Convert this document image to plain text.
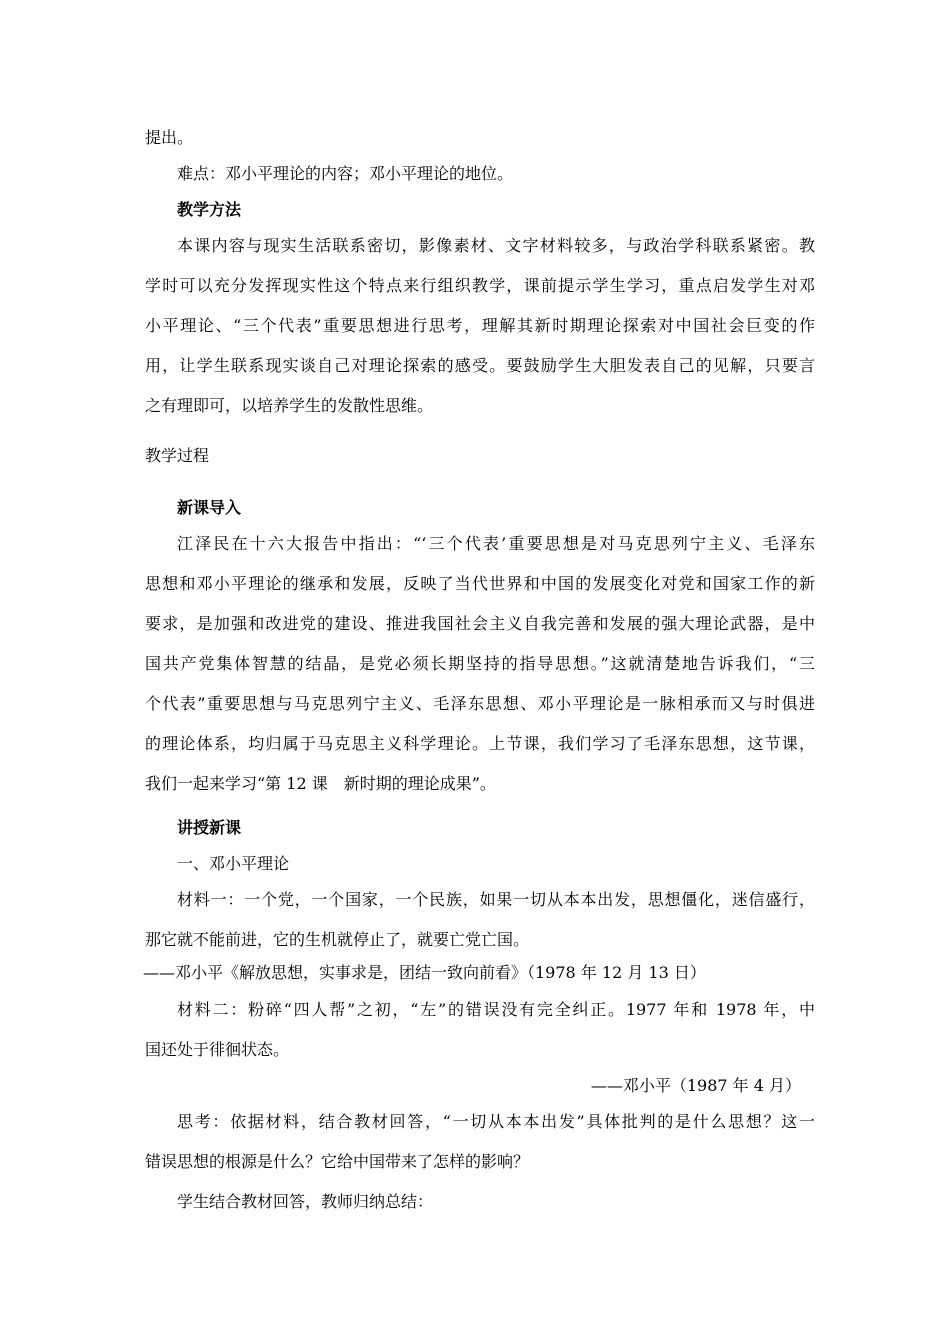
提出。
难点：邓小平理论的内容；邓小平理论的地位。
教学方法
本课内容与现实生活联系密切，影像素材、文字材料较多，与政治学科联系紧密。教
学时可以充分发挥现实性这个特点来行组织教学，课前提示学生学习，重点启发学生对邓
小平理论、“三个代表”重要思想进行思考，理解其新时期理论探索对中国社会巨变的作
用，让学生联系现实谈自己对理论探索的感受。要鼓励学生大胆发表自己的见解，只要言
之有理即可，以培养学生的发散性思维。
教学过程
新课导入
江泽民在十六大报告中指出：“‘三个代表’重要思想是对马克思列宁主义、毛泽东
思想和邓小平理论的继承和发展，反映了当代世界和中国的发展变化对党和国家工作的新
要求，是加强和改进党的建设、推进我国社会主义自我完善和发展的强大理论武器，是中
国共产党集体智慧的结晶，是党必须长期坚持的指导思想。”这就清楚地告诉我们，“三
个代表”重要思想与马克思列宁主义、毛泽东思想、邓小平理论是一脉相承而又与时俱进
的理论体系，均归属于马克思主义科学理论。上节课，我们学习了毛泽东思想，这节课，
我们一起来学习“第 12 课　新时期的理论成果”。
讲授新课
一、邓小平理论
材料一：一个党，一个国家，一个民族，如果一切从本本出发，思想僵化，迷信盛行，
那它就不能前进，它的生机就停止了，就要亡党亡国。
——邓小平《解放思想，实事求是，团结一致向前看》（1978 年 12 月 13 日）
材料二：粉碎“四人帮”之初，“左”的错误没有完全纠正。1977 年和 1978 年，中
国还处于徘徊状态。
——邓小平（1987 年 4 月）
思考：依据材料，结合教材回答，“一切从本本出发”具体批判的是什么思想？这一
错误思想的根源是什么？它给中国带来了怎样的影响？
学生结合教材回答，教师归纳总结：
